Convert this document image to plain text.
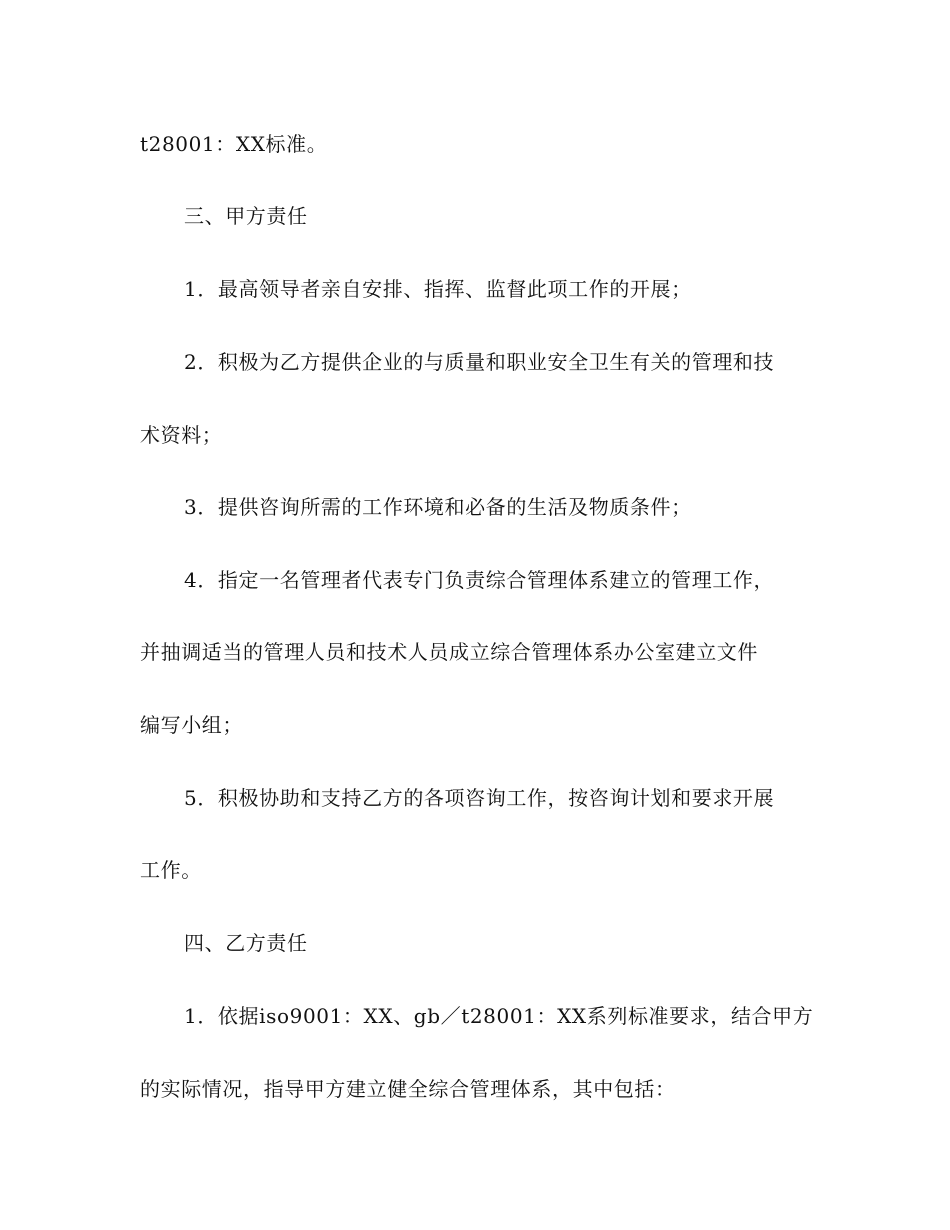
t28001：XX标准。
三、甲方责任
1．最高领导者亲自安排、指挥、监督此项工作的开展；
2．积极为乙方提供企业的与质量和职业安全卫生有关的管理和技
术资料；
3．提供咨询所需的工作环境和必备的生活及物质条件；
4．指定一名管理者代表专门负责综合管理体系建立的管理工作，
并抽调适当的管理人员和技术人员成立综合管理体系办公室建立文件
编写小组；
5．积极协助和支持乙方的各项咨询工作，按咨询计划和要求开展
工作。
四、乙方责任
1．依据iso9001：XX、gb／t28001：XX系列标准要求，结合甲方
的实际情况，指导甲方建立健全综合管理体系，其中包括：
